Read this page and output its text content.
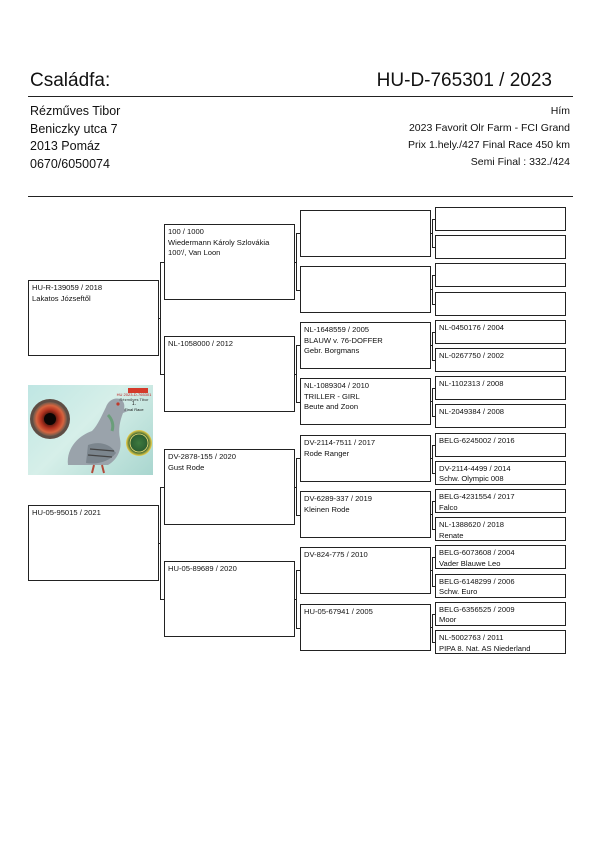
Családfa:	HU-D-765301 / 2023
Rézműves Tibor
Beniczky utca 7
2013 Pomáz
0670/6050074
Hím
2023 Favorit Olr Farm - FCI Grand
Prix 1.hely./427 Final Race 450 km
Semi Final : 332./424
HU-R-139059 / 2018
Lakatos Józseftől
HU-05-95015 / 2021
100 / 1000
Wiedermann Károly Szlovákia
100'/, Van Loon
NL-1058000 / 2012
DV-2878-155 / 2020
Gust Rode
HU-05-89689 / 2020
NL-1648559 / 2005
BLAUW v. 76-DOFFER
Gebr. Borgmans
NL-1089304 / 2010
TRILLER - GIRL
Beute and Zoon
DV-2114-7511 / 2017
Rode Ranger
DV-6289-337 / 2019
Kleinen Rode
DV-824-775 / 2010
HU-05-67941 / 2005
NL-0450176 / 2004
NL-0267750 / 2002
NL-1102313 / 2008
NL-2049384 / 2008
BELG-6245002 / 2016
DV-2114-4499 / 2014
Schw. Olympic 008
BELG-4231554 / 2017
Falco
NL-1388620 / 2018
Renate
BELG-6073608 / 2004
Vader Blauwe Leo
BELG-6148299 / 2006
Schw. Euro
BELG-6356525 / 2009
Moor
NL-5002763 / 2011
PIPA 8. Nat. AS Niederland
HU 2023-D-765301
Rézműves Tibor
1.
Final Race
